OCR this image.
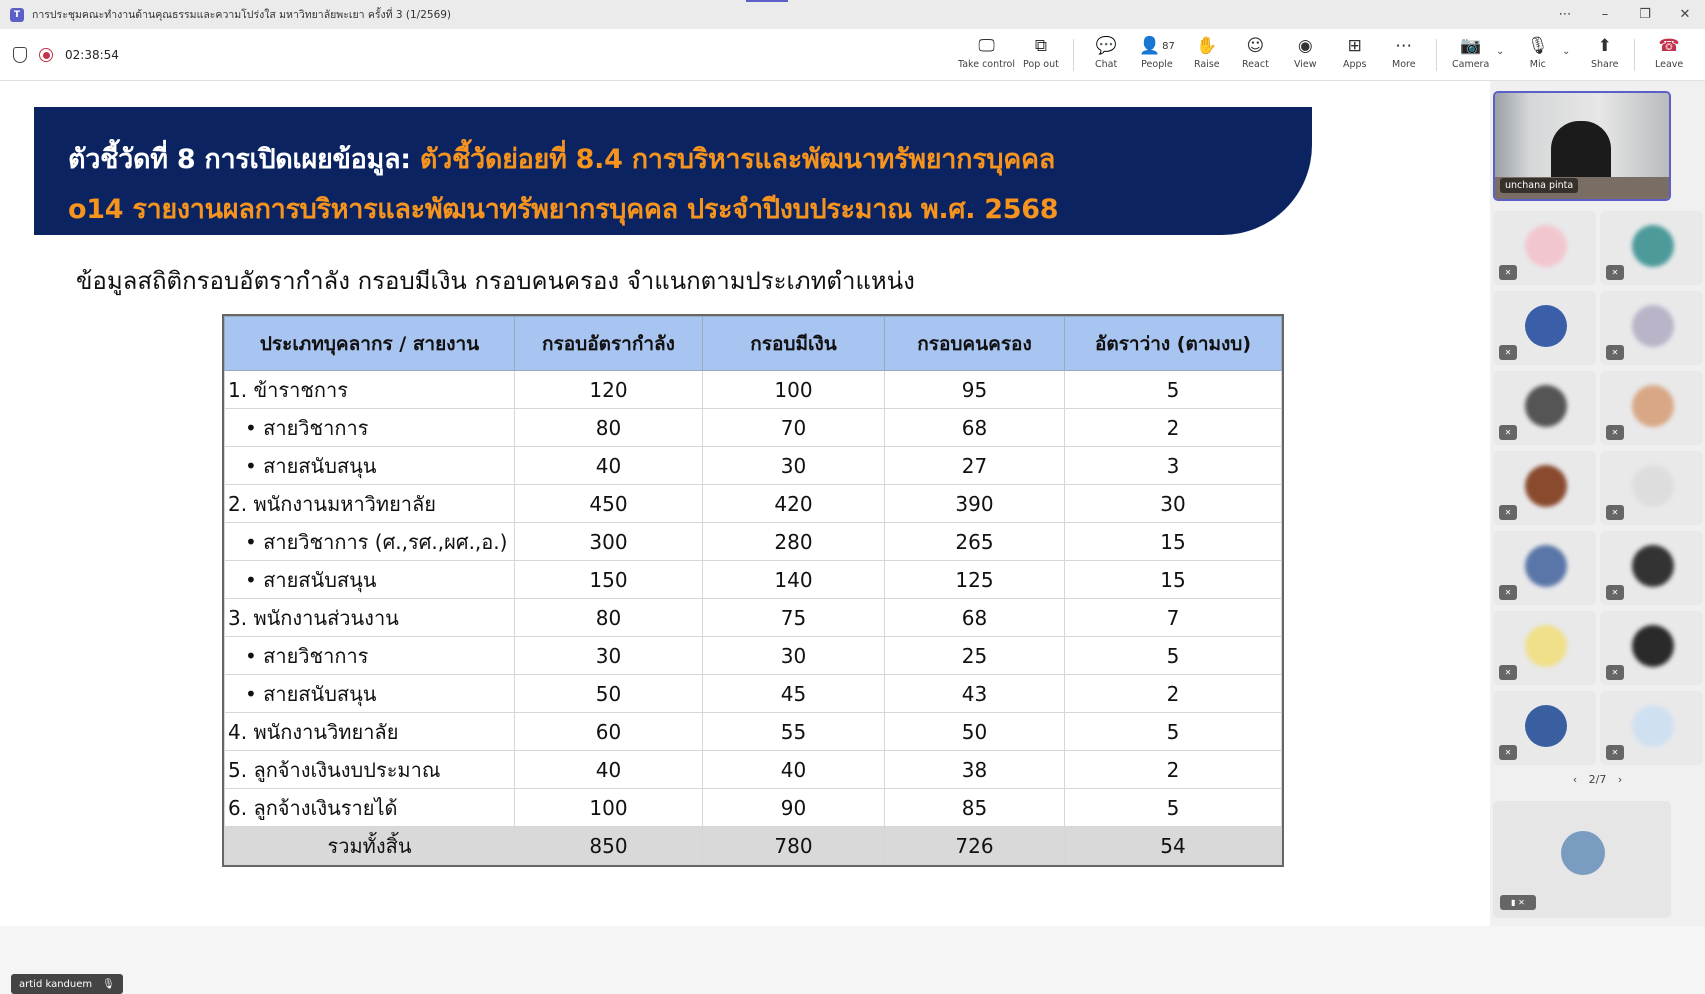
T	การประชุมคณะทำงานด้านคุณธรรมและความโปร่งใส มหาวิทยาลัยพะเยา ครั้งที่ 3 (1/2569)	⋯	–	❐	✕
02:38:54	🖵
Take control
⧉
Pop out
💬
Chat
👤 87
People
✋
Raise
☺
React
◉
View
⊞
Apps
⋯
More
📷
Camera
⌄ 🎙
Mic
⌄ ⬆
Share
☎
Leave
ตัวชี้วัดที่ 8 การเปิดเผยข้อมูล: ตัวชี้วัดย่อยที่ 8.4 การบริหารและพัฒนาทรัพยากรบุคคล
o14 รายงานผลการบริหารและพัฒนาทรัพยากรบุคคล ประจำปีงบประมาณ พ.ศ. 2568
ข้อมูลสถิติกรอบอัตรากำลัง กรอบมีเงิน กรอบคนครอง จำแนกตามประเภทตำแหน่ง
ประเภทบุคลากร / สายงาน	กรอบอัตรากำลัง	กรอบมีเงิน	กรอบคนครอง	อัตราว่าง (ตามงบ)
1. ข้าราชการ	120	100	95	5
• สายวิชาการ	80	70	68	2
• สายสนับสนุน	40	30	27	3
2. พนักงานมหาวิทยาลัย	450	420	390	30
• สายวิชาการ (ศ.,รศ.,ผศ.,อ.)	300	280	265	15
• สายสนับสนุน	150	140	125	15
3. พนักงานส่วนงาน	80	75	68	7
• สายวิชาการ	30	30	25	5
• สายสนับสนุน	50	45	43	2
4. พนักงานวิทยาลัย	60	55	50	5
5. ลูกจ้างเงินงบประมาณ	40	40	38	2
6. ลูกจ้างเงินรายได้	100	90	85	5
รวมทั้งสิ้น	850	780	726	54
artid kanduem 🎙
unchana pinta
✕	✕
✕	✕
✕	✕
✕	✕
✕	✕
✕	✕
✕	✕
‹ 2/7 ›
▮ ✕
